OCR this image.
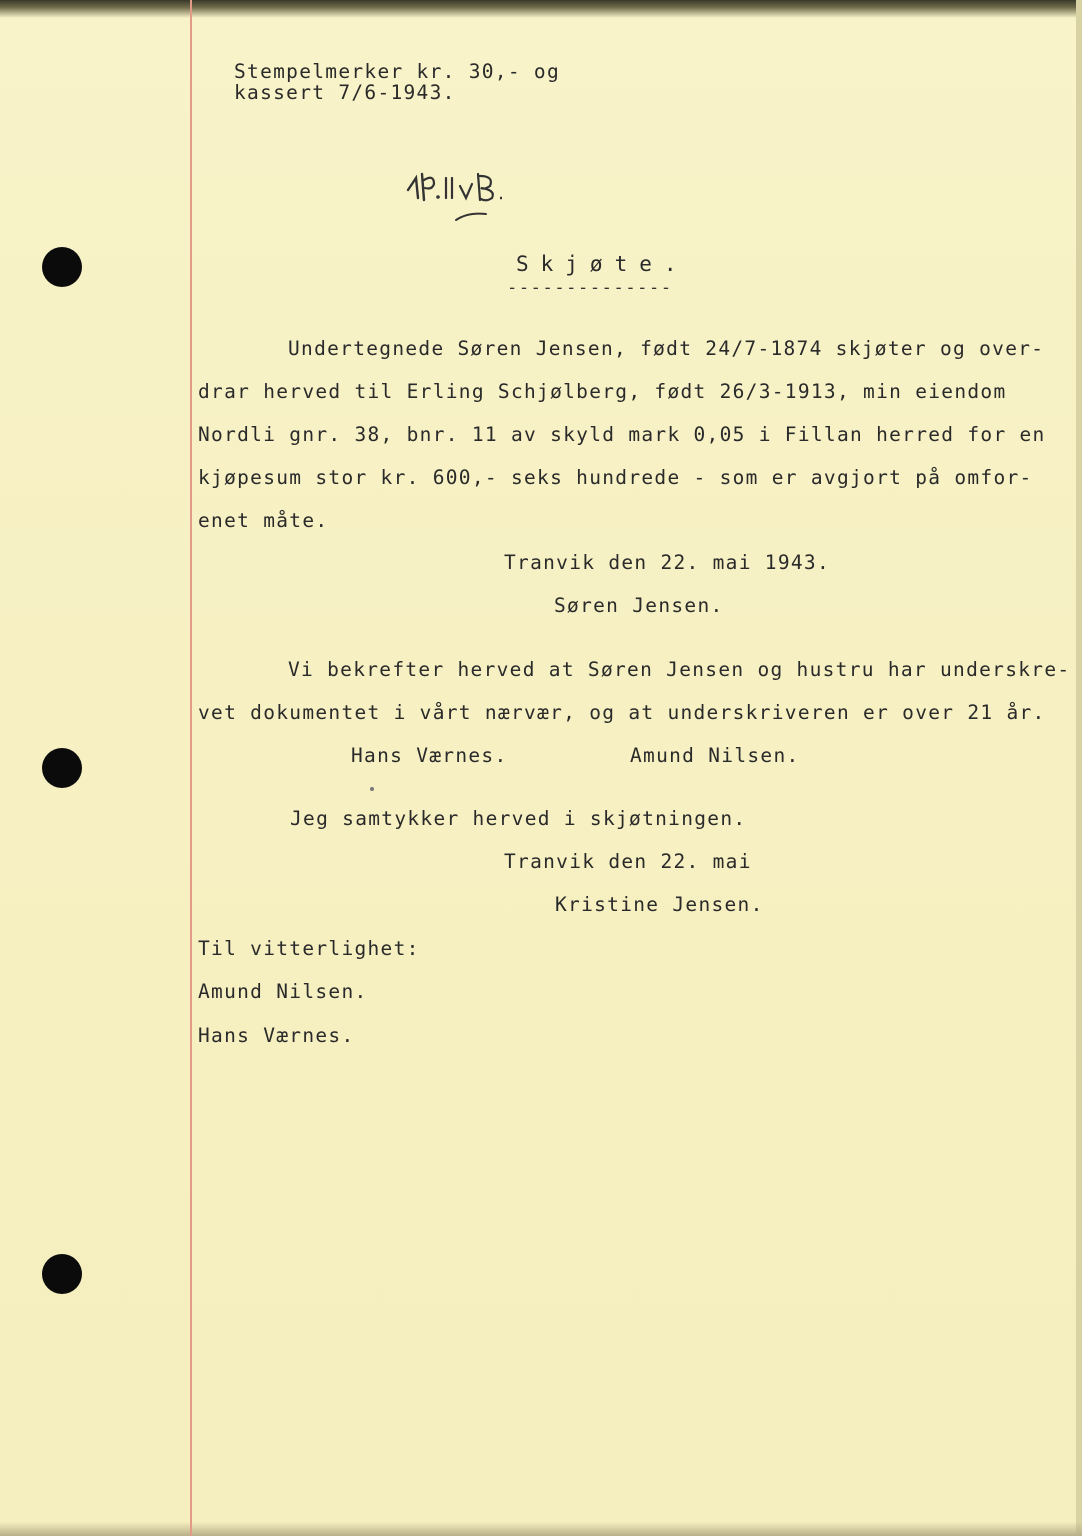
Stempelmerker kr. 30,- og
kassert 7/6-1943.
Skjøte.
--------------
Undertegnede Søren Jensen, født 24/7-1874 skjøter og over-
drar herved til Erling Schjølberg, født 26/3-1913, min eiendom
Nordli gnr. 38, bnr. 11 av skyld mark 0,05 i Fillan herred for en
kjøpesum stor kr. 600,- seks hundrede - som er avgjort på omfor-
enet måte.
Tranvik den 22. mai 1943.
Søren Jensen.
Vi bekrefter herved at Søren Jensen og hustru har underskre-
vet dokumentet i vårt nærvær, og at underskriveren er over 21 år.
Hans Værnes.	Amund Nilsen.
Jeg samtykker herved i skjøtningen.
Tranvik den 22. mai
Kristine Jensen.
Til vitterlighet:
Amund Nilsen.
Hans Værnes.
